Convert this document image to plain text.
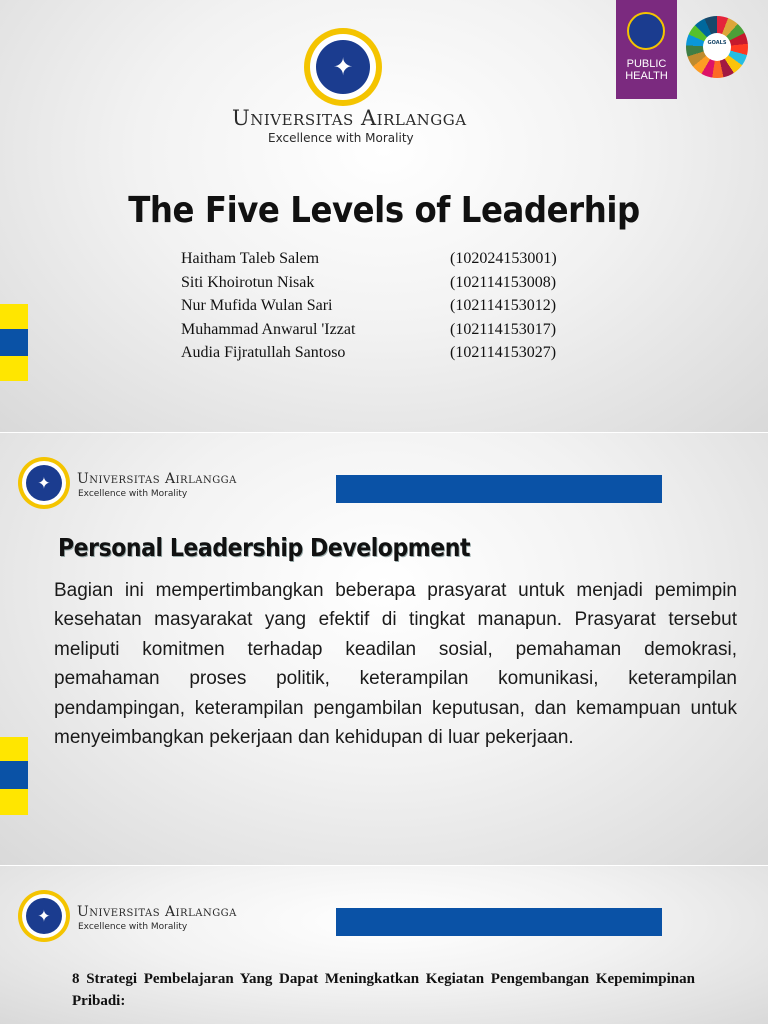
✦
Universitas Airlangga
Excellence with Morality
PUBLIC
HEALTH
GOALS
The Five Levels of Leaderhip
Haitham Taleb Salem	(102024153001)
Siti Khoirotun Nisak	(102114153008)
Nur Mufida Wulan Sari	(102114153012)
Muhammad Anwarul 'Izzat	(102114153017)
Audia Fijratullah Santoso	(102114153027)
✦ Universitas Airlangga
Excellence with Morality
Personal Leadership Development
Bagian ini mempertimbangkan beberapa prasyarat untuk menjadi pemimpin kesehatan masyarakat yang efektif di tingkat manapun. Prasyarat tersebut meliputi komitmen terhadap keadilan sosial, pemahaman demokrasi, pemahaman proses politik, keterampilan komunikasi, keterampilan pendampingan, keterampilan pengambilan keputusan, dan kemampuan untuk menyeimbangkan pekerjaan dan kehidupan di luar pekerjaan.
✦ Universitas Airlangga
Excellence with Morality
8 Strategi Pembelajaran Yang Dapat Meningkatkan Kegiatan Pengembangan Kepemimpinan Pribadi:
